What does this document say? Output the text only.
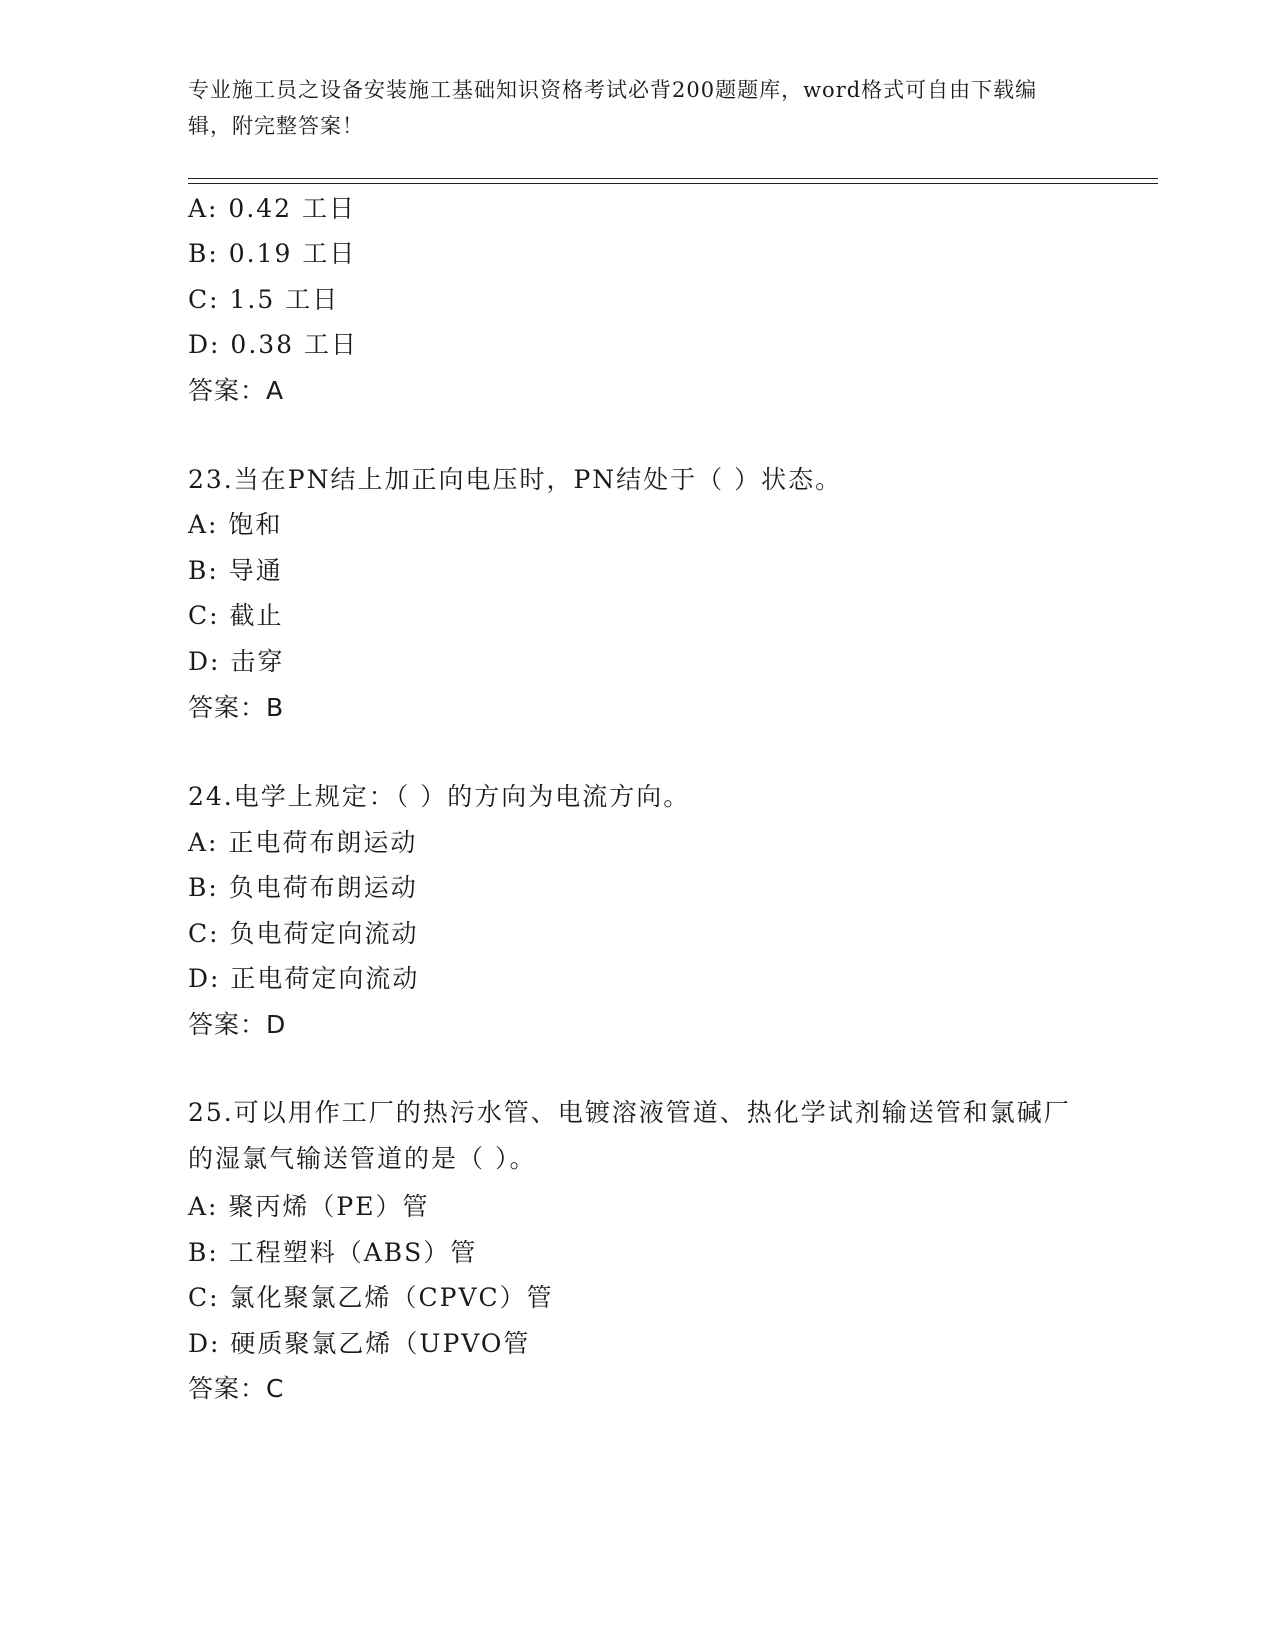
专业施工员之设备安装施工基础知识资格考试必背200题题库，word格式可自由下载编辑，附完整答案！
A: 0.42 工日
B: 0.19 工日
C: 1.5 工日
D: 0.38 工日
答案：A
23.当在PN结上加正向电压时，PN结处于（ ）状态。
A: 饱和
B: 导通
C: 截止
D: 击穿
答案：B
24.电学上规定：（ ）的方向为电流方向。
A: 正电荷布朗运动
B: 负电荷布朗运动
C: 负电荷定向流动
D: 正电荷定向流动
答案：D
25.可以用作工厂的热污水管、电镀溶液管道、热化学试剂输送管和氯碱厂的湿氯气输送管道的是（ ）。
A: 聚丙烯（PE）管
B: 工程塑料（ABS）管
C: 氯化聚氯乙烯（CPVC）管
D: 硬质聚氯乙烯（UPVO管
答案：C
